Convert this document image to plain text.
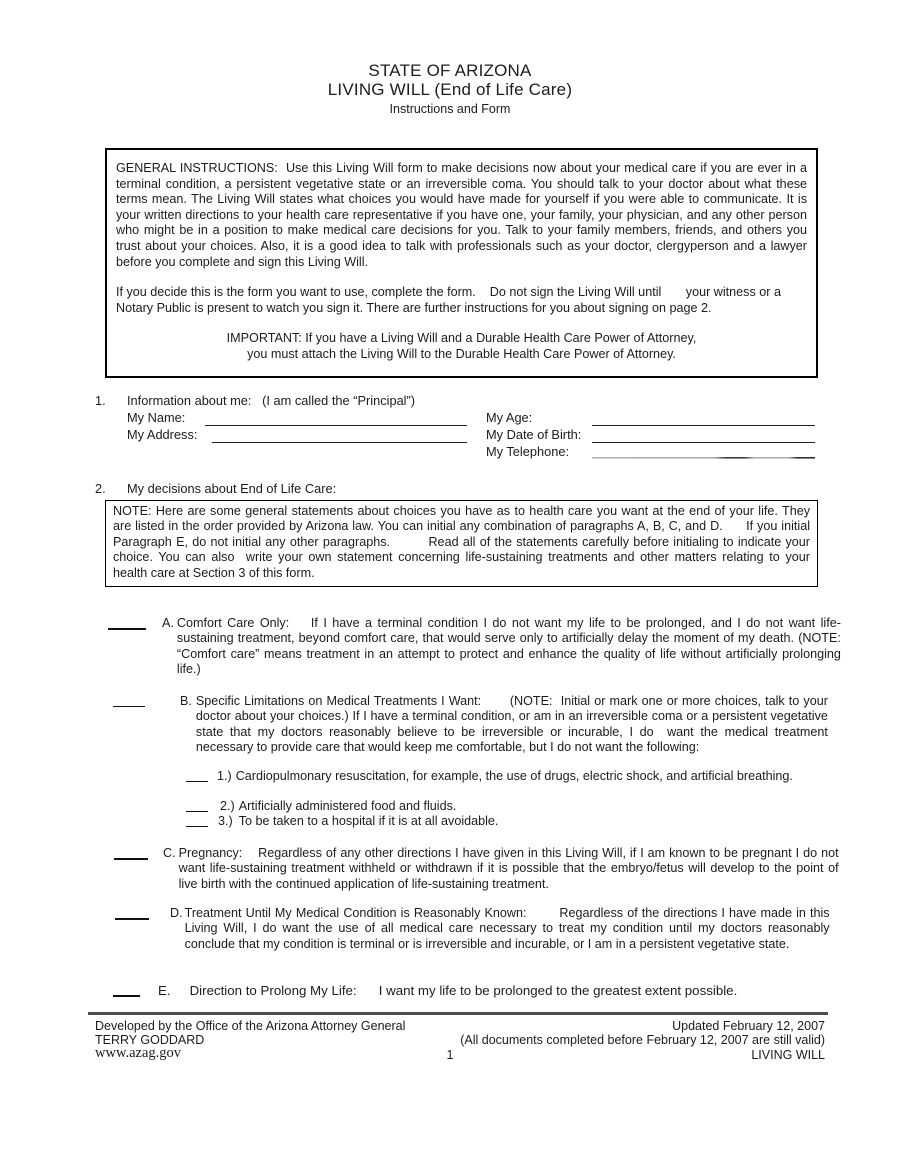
STATE OF ARIZONA
LIVING WILL (End of Life Care)
Instructions and Form
GENERAL INSTRUCTIONS:  Use this Living Will form to make decisions now about your medical care if you are ever in a terminal condition, a persistent vegetative state or an irreversible coma. You should talk to your doctor about what these terms mean. The Living Will states what choices you would have made for yourself if you were able to communicate. It is your written directions to your health care representative if you have one, your family, your physician, and any other person who might be in a position to make medical care decisions for you. Talk to your family members, friends, and others you trust about your choices. Also, it is a good idea to talk with professionals such as your doctor, clergyperson and a lawyer before you complete and sign this Living Will.
If you decide this is the form you want to use, complete the form.    Do not sign the Living Will until       your witness or a Notary Public is present to watch you sign it. There are further instructions for you about signing on page 2.
IMPORTANT: If you have a Living Will and a Durable Health Care Power of Attorney,
you must attach the Living Will to the Durable Health Care Power of Attorney.
1. Information about me:   (I am called the “Principal”)
My Name:
My Address:
My Age:
My Date of Birth:
My Telephone:
2. My decisions about End of Life Care:
NOTE: Here are some general statements about choices you have as to health care you want at the end of your life. They are listed in the order provided by Arizona law. You can initial any combination of paragraphs A, B, C, and D.      If you initial Paragraph E, do not initial any other paragraphs.         Read all of the statements carefully before initialing to indicate your choice. You can also  write your own statement concerning life-sustaining treatments and other matters relating to your health care at Section 3 of this form.
A. Comfort Care Only:    If I have a terminal condition I do not want my life to be prolonged, and I do not want life-sustaining treatment, beyond comfort care, that would serve only to artificially delay the moment of my death. (NOTE: “Comfort care” means treatment in an attempt to protect and enhance the quality of life without artificially prolonging life.)
B. Specific Limitations on Medical Treatments I Want:       (NOTE:  Initial or mark one or more choices, talk to your doctor about your choices.) If I have a terminal condition, or am in an irreversible coma or a persistent vegetative state that my doctors reasonably believe to be irreversible or incurable, I do  want the medical treatment necessary to provide care that would keep me comfortable, but I do not want the following:
1.) Cardiopulmonary resuscitation, for example, the use of drugs, electric shock, and artificial breathing.
2.) Artificially administered food and fluids.
3.) To be taken to a hospital if it is at all avoidable.
C. Pregnancy:    Regardless of any other directions I have given in this Living Will, if I am known to be pregnant I do not want life-sustaining treatment withheld or withdrawn if it is possible that the embryo/fetus will develop to the point of live birth with the continued application of life-sustaining treatment.
D. Treatment Until My Medical Condition is Reasonably Known:        Regardless of the directions I have made in this Living Will, I do want the use of all medical care necessary to treat my condition until my doctors reasonably conclude that my condition is terminal or is irreversible and incurable, or I am in a persistent vegetative state.
E. Direction to Prolong My Life:      I want my life to be prolonged to the greatest extent possible.
Developed by the Office of the Arizona Attorney General	Updated February 12, 2007
TERRY GODDARD	(All documents completed before February 12, 2007 are still valid)
www.azag.gov	1	LIVING WILL
